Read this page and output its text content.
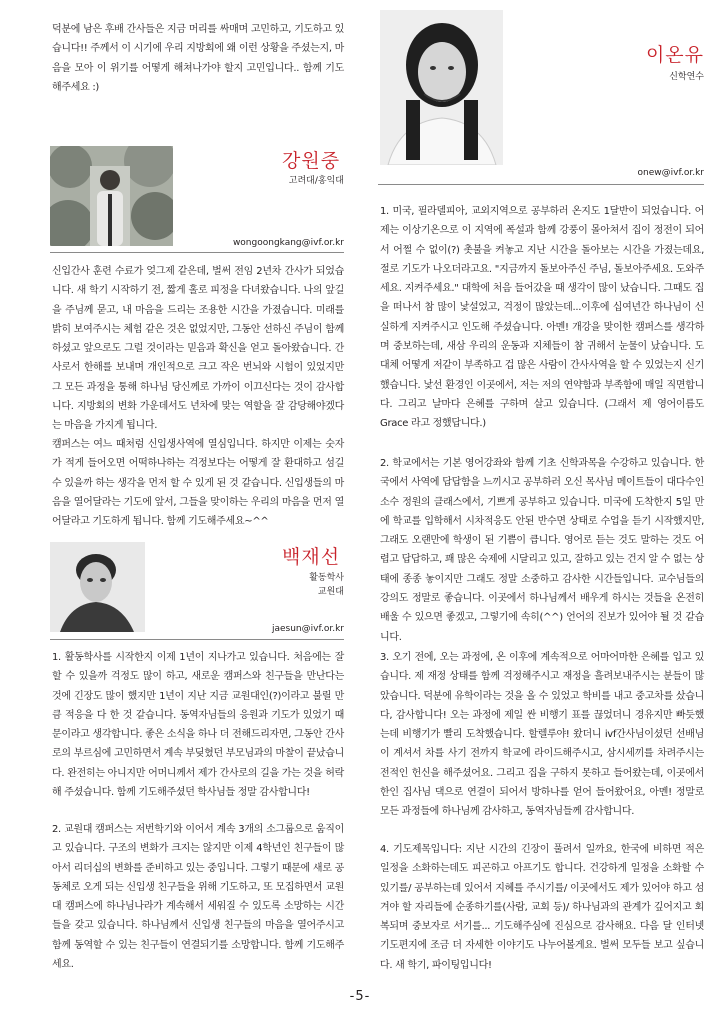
덕분에 남은 후배 간사들은 지금 머리를 싸매며 고민하고, 기도하고 있습니다!! 주께서 이 시기에 우리 지방회에 왜 이런 상황을 주셨는지, 마음을 모아 이 위기를 어떻게 해쳐나가야 할지 고민입니다.. 함께 기도해주세요 :)

강원중
고려대/홍익대
wongoongkang@ivf.or.kr

신입간사 훈련 수료가 엊그제 같은데, 벌써 전임 2년차 간사가 되었습니다. 새 학기 시작하기 전, 짧게 홀로 피정을 다녀왔습니다. 나의 앞길을 주님께 묻고, 내 마음을 드리는 조용한 시간을 가졌습니다. 미래를 밝히 보여주시는 체험 같은 것은 없었지만, 그동안 선하신 주님이 함께 하셨고 앞으로도 그럴 것이라는 믿음과 확신을 얻고 돌아왔습니다. 간사로서 한해를 보내며 개인적으로 크고 작은 번뇌와 시험이 있었지만 그 모든 과정을 통해 하나님 당신께로 가까이 이끄신다는 것이 감사합니다. 지방회의 변화 가운데서도 년차에 맞는 역할을 잘 감당해야겠다는 마음을 가지게 됩니다.

캠퍼스는 여느 때처럼 신입생사역에 열심입니다. 하지만 이제는 숫자가 적게 들어오면 어떡하나하는 걱정보다는 어떻게 잘 환대하고 섬길 수 있을까 하는 생각을 먼저 할 수 있게 된 것 같습니다. 신입생들의 마음을 열어달라는 기도에 앞서, 그들을 맞이하는 우리의 마음을 먼저 열어달라고 기도하게 됩니다. 함께 기도해주세요~^^

백재선
활동학사
교원대
jaesun@ivf.or.kr

1. 활동학사를 시작한지 이제 1년이 지나가고 있습니다. 처음에는 잘 할 수 있을까 걱정도 많이 하고, 새로운 캠퍼스와 친구들을 만난다는 것에 긴장도 많이 했지만 1년이 지난 지금 교원대인(?)이라고 불릴 만큼 적응을 다 한 것 같습니다. 동역자님들의 응원과 기도가 있었기 때문이라고 생각합니다. 좋은 소식을 하나 더 전해드리자면, 그동안 간사로의 부르심에 고민하면서 계속 부딪혔던 부모님과의 마찰이 끝났습니다. 완전히는 아니지만 어머니께서 제가 간사로의 길을 가는 것을 허락해 주셨습니다. 함께 기도해주셨던 학사님들 정말 감사합니다!

2. 교원대 캠퍼스는 저번학기와 이어서 계속 3개의 소그룹으로 움직이고 있습니다. 구조의 변화가 크지는 않지만 이제 4학년인 친구들이 많아서 리더십의 변화를 준비하고 있는 중입니다. 그렇기 때문에 새로 공동체로 오게 되는 신입생 친구들을 위해 기도하고, 또 모집하면서 교원대 캠퍼스에 하나님나라가 계속해서 세워질 수 있도록 소망하는 시간들을 갖고 있습니다. 하나님께서 신입생 친구들의 마음을 열어주시고 함께 동역할 수 있는 친구들이 연결되기를 소망합니다. 함께 기도해주세요.

이온유
신학연수
onew@ivf.or.kr

1. 미국, 필라델피아, 교외지역으로 공부하러 온지도 1달반이 되었습니다. 어제는 이상기온으로 이 지역에 폭설과 함께 강풍이 몰아쳐서 집이 정전이 되어서 어쩔 수 없이(?) 촛불을 켜놓고 지난 시간을 돌아보는 시간을 가졌는데요, 절로 기도가 나오더라고요. "지금까지 돌보아주신 주님, 돌보아주세요. 도와주세요. 지켜주세요." 대학에 처음 들어갔을 때 생각이 많이 났습니다. 그때도 집을 떠나서 참 많이 낯설었고, 걱정이 많았는데...이후에 십여년간 하나님이 신실하게 지켜주시고 인도해 주셨습니다. 아멘! 개강을 맞이한 캠퍼스를 생각하며 중보하는데, 새삼 우리의 운동과 지체들이 참 귀해서 눈물이 났습니다. 도대체 어떻게 저같이 부족하고 겁 많은 사람이 간사사역을 할 수 있었는지 신기했습니다. 낯선 환경인 이곳에서, 저는 저의 연약함과 부족함에 매일 직면합니다. 그리고 날마다 은혜를 구하며 살고 있습니다. (그래서 제 영어이름도 Grace 라고 정했답니다.)

2. 학교에서는 기본 영어강좌와 함께 기초 신학과목을 수강하고 있습니다. 한국에서 사역에 답답함을 느끼시고 공부하러 오신 목사님 메이트들이 대다수인 소수 정원의 클래스에서, 기쁘게 공부하고 있습니다. 미국에 도착한지 5일 만에 학교를 입학해서 시차적응도 안된 반수면 상태로 수업을 듣기 시작했지만, 그래도 오랜만에 학생이 된 기쁨이 큽니다. 영어로 듣는 것도 말하는 것도 어렵고 답답하고, 꽤 많은 숙제에 시달리고 있고, 잘하고 있는 건지 알 수 없는 상태에 종종 놓이지만 그래도 정말 소중하고 감사한 시간들입니다. 교수님들의 강의도 정말로 좋습니다. 이곳에서 하나님께서 배우게 하시는 것들을 온전히 배울 수 있으면 좋겠고, 그렇기에 속히(^^) 언어의 진보가 있어야 될 것 같습니다.

3. 오기 전에, 오는 과정에, 온 이후에 계속적으로 어마어마한 은혜를 입고 있습니다. 제 재정 상태를 함께 걱정해주시고 재정을 흘려보내주시는 분들이 많았습니다. 덕분에 유학이라는 것을 올 수 있었고 학비를 내고 중고차를 샀습니다, 감사합니다! 오는 과정에 제일 싼 비행기 표를 끊었더니 경유지만 빠듯했는데 비행기가 빨리 도착했습니다. 할렐루야! 왔더니 ivf간사님이셨던 선배님이 계셔서 차를 사기 전까지 학교에 라이드해주시고, 삼시세끼를 차려주시는 전적인 헌신을 해주셨어요. 그리고 집을 구하지 못하고 들어왔는데, 이곳에서 한인 집사님 댁으로 연결이 되어서 방하나를 얻어 들어왔어요, 아멘! 정말로 모든 과정들에 하나님께 감사하고, 동역자님들께 감사합니다.

4. 기도제목입니다: 지난 시간의 긴장이 풀려서 일까요, 한국에 비하면 적은 일정을 소화하는데도 피곤하고 아프기도 합니다. 건강하게 일정을 소화할 수 있기를/ 공부하는데 있어서 지혜를 주시기를/ 이곳에서도 제가 있어야 하고 섬겨야 할 자리들에 순종하기를(사람, 교회 등)/ 하나님과의 관계가 깊어지고 회복되며 중보자로 서기를... 기도해주심에 진심으로 감사해요. 다음 달 인터넷 기도편지에 조금 더 자세한 이야기도 나누어볼게요. 벌써 모두들 보고 싶습니다. 새 학기, 파이팅입니다!

-5-
